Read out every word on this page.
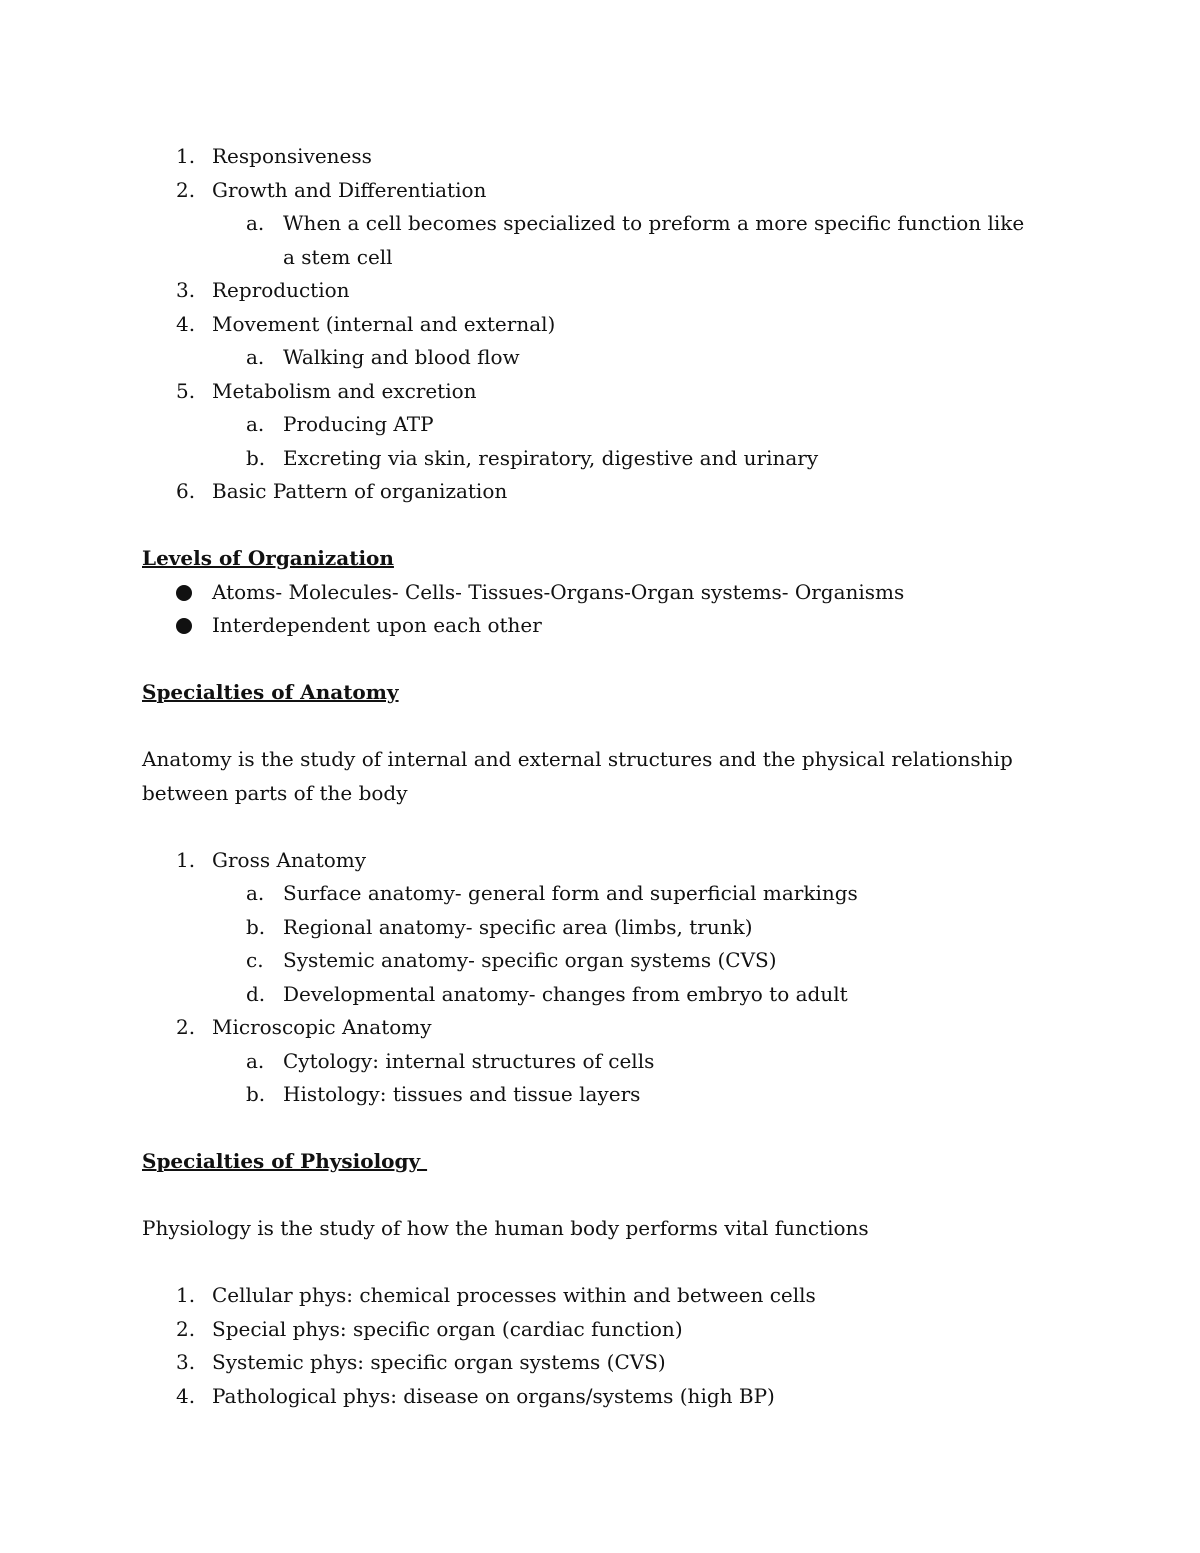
1. Responsiveness
2. Growth and Differentiation
a. When a cell becomes specialized to preform a more specific function like a stem cell
3. Reproduction
4. Movement (internal and external)
a. Walking and blood flow
5. Metabolism and excretion
a. Producing ATP
b. Excreting via skin, respiratory, digestive and urinary
6. Basic Pattern of organization
Levels of Organization
Atoms- Molecules- Cells- Tissues-Organs-Organ systems- Organisms
Interdependent upon each other
Specialties of Anatomy
Anatomy is the study of internal and external structures and the physical relationship between parts of the body
1. Gross Anatomy
a. Surface anatomy- general form and superficial markings
b. Regional anatomy- specific area (limbs, trunk)
c. Systemic anatomy- specific organ systems (CVS)
d. Developmental anatomy- changes from embryo to adult
2. Microscopic Anatomy
a. Cytology: internal structures of cells
b. Histology: tissues and tissue layers
Specialties of Physiology
Physiology is the study of how the human body performs vital functions
1. Cellular phys: chemical processes within and between cells
2. Special phys: specific organ (cardiac function)
3. Systemic phys: specific organ systems (CVS)
4. Pathological phys: disease on organs/systems (high BP)
